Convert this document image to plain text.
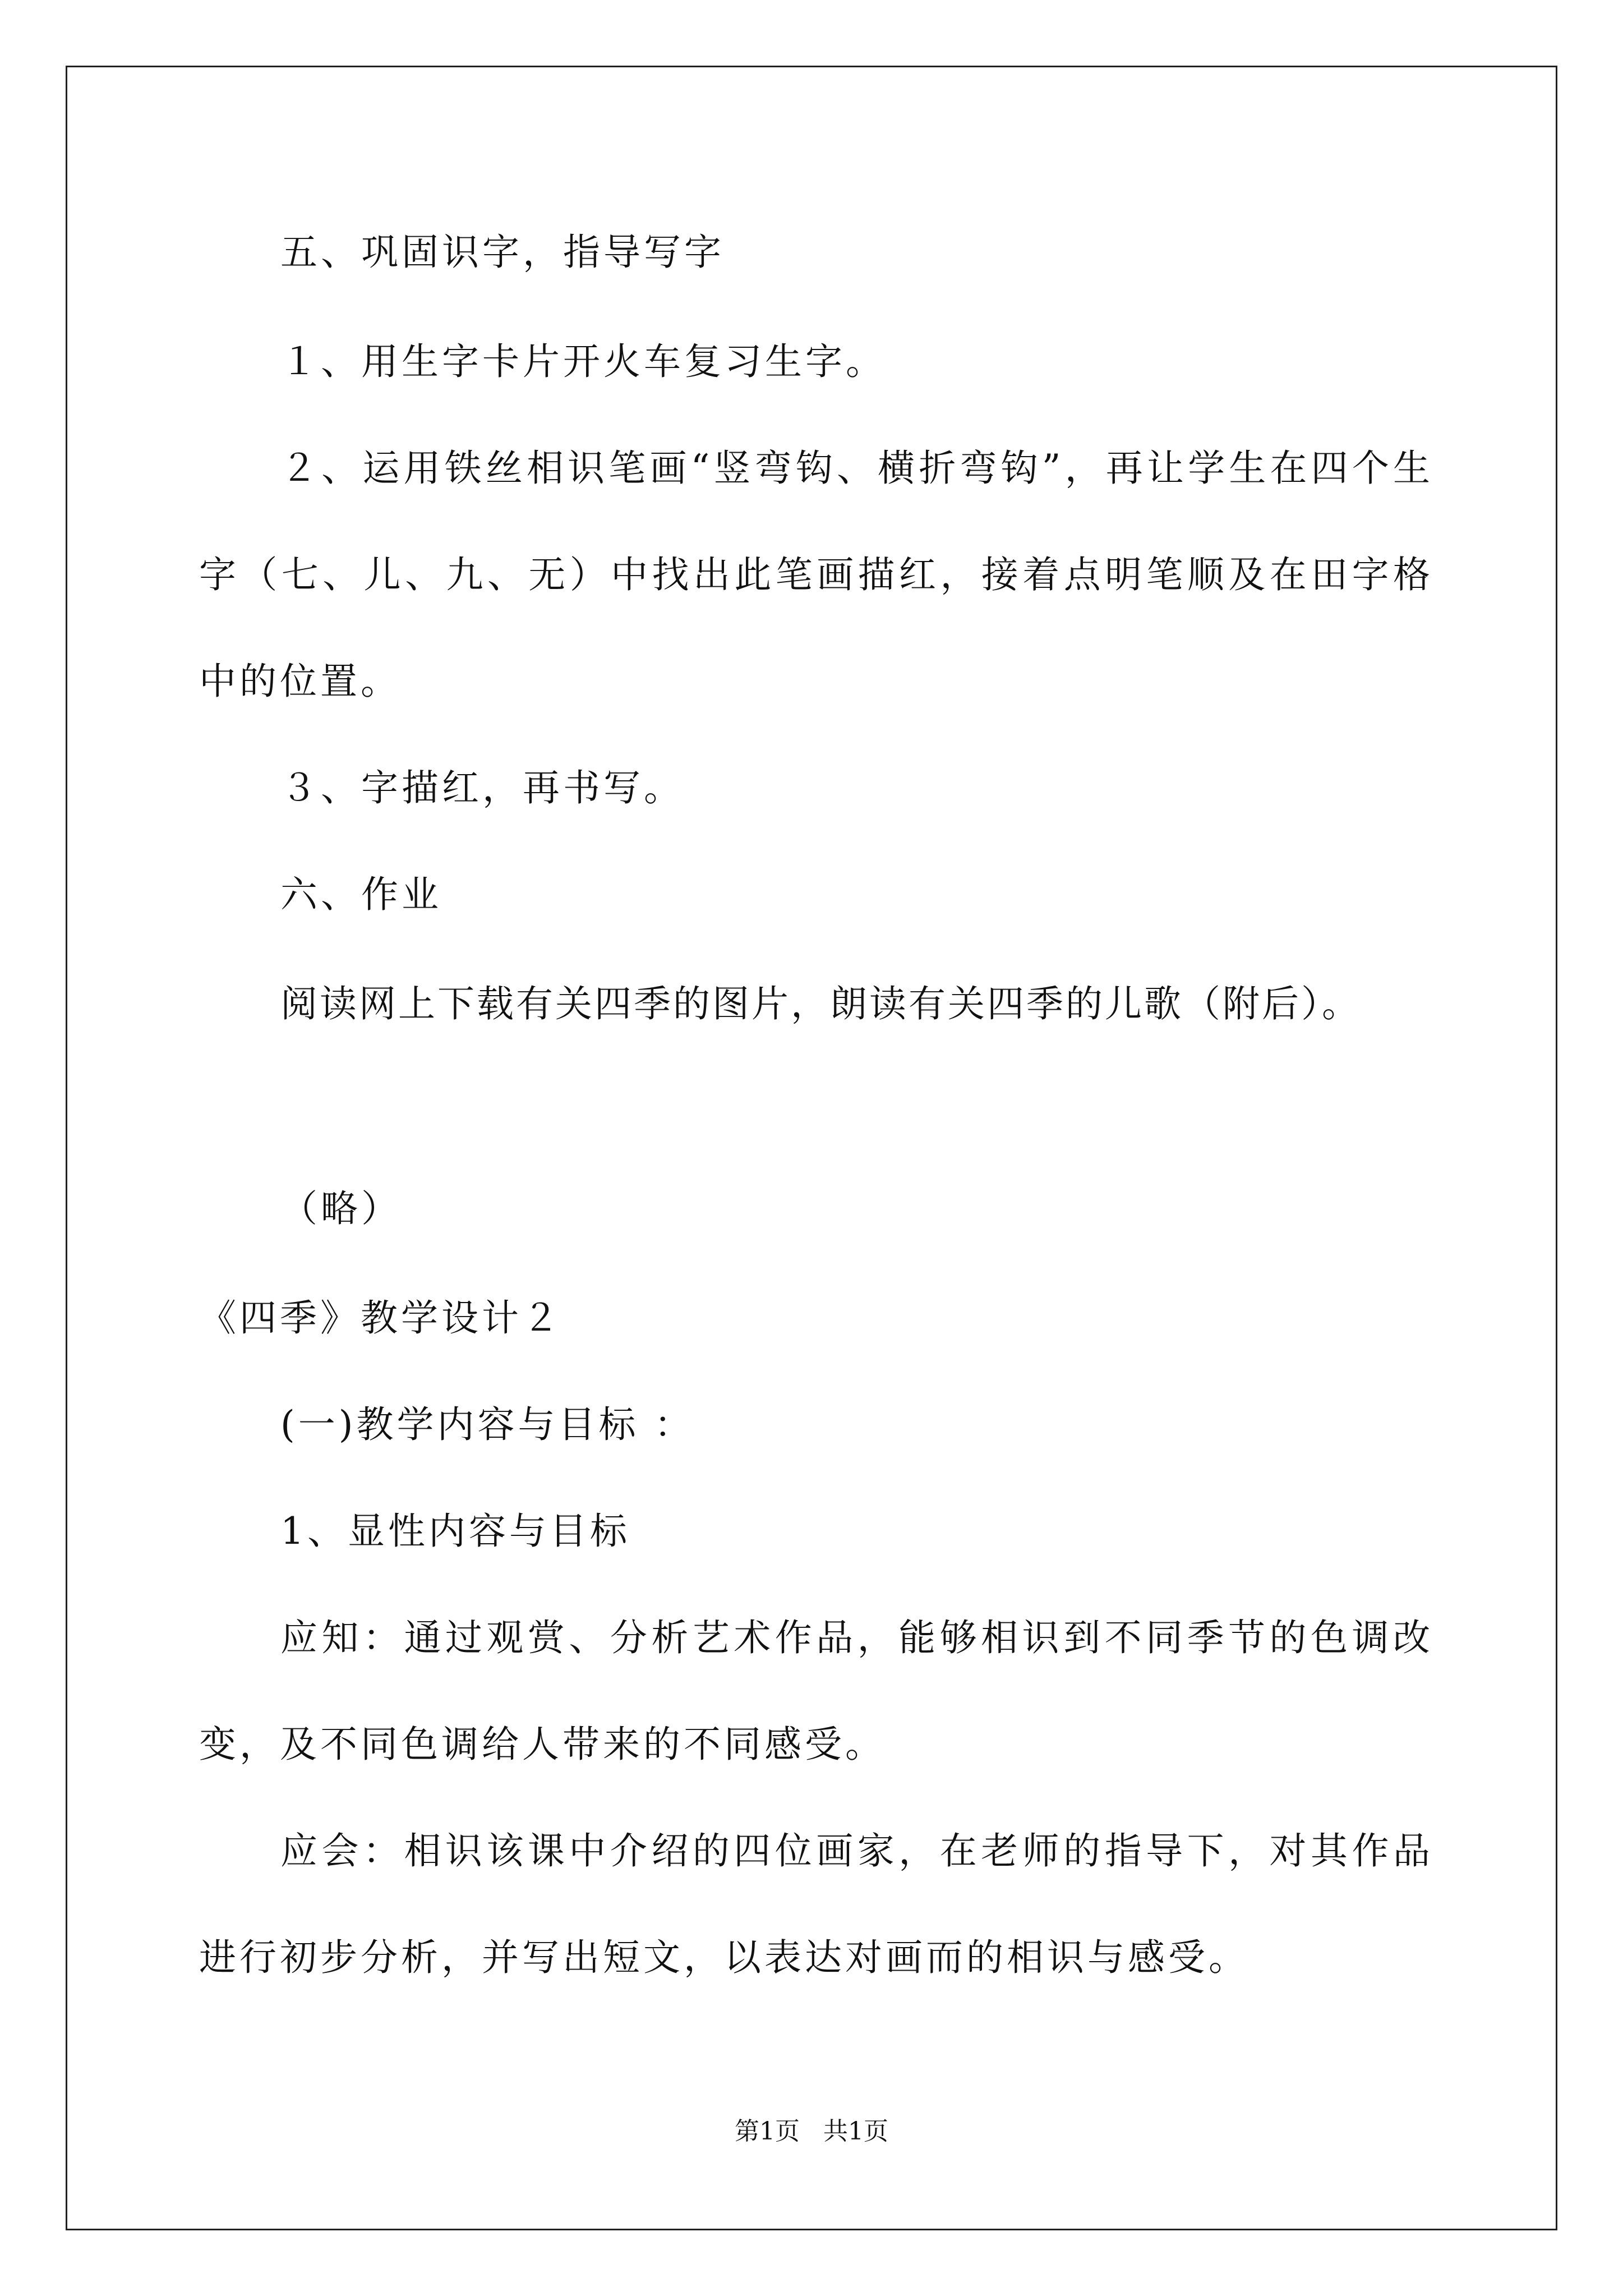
五、巩固识字，指导写字
１、用生字卡片开火车复习生字。
２、运用铁丝相识笔画“竖弯钩、横折弯钩”，再让学生在四个生
字（七、儿、九、无）中找出此笔画描红，接着点明笔顺及在田字格
中的位置。
３、字描红，再书写。
六、作业
阅读网上下载有关四季的图片，朗读有关四季的儿歌（附后）。
（略）
《四季》教学设计２
(一)教学内容与目标 ：
1、显性内容与目标
应知：通过观赏、分析艺术作品，能够相识到不同季节的色调改
变，及不同色调给人带来的不同感受。
应会：相识该课中介绍的四位画家，在老师的指导下，对其作品
进行初步分析，并写出短文，以表达对画而的相识与感受。
第1页   共1页
